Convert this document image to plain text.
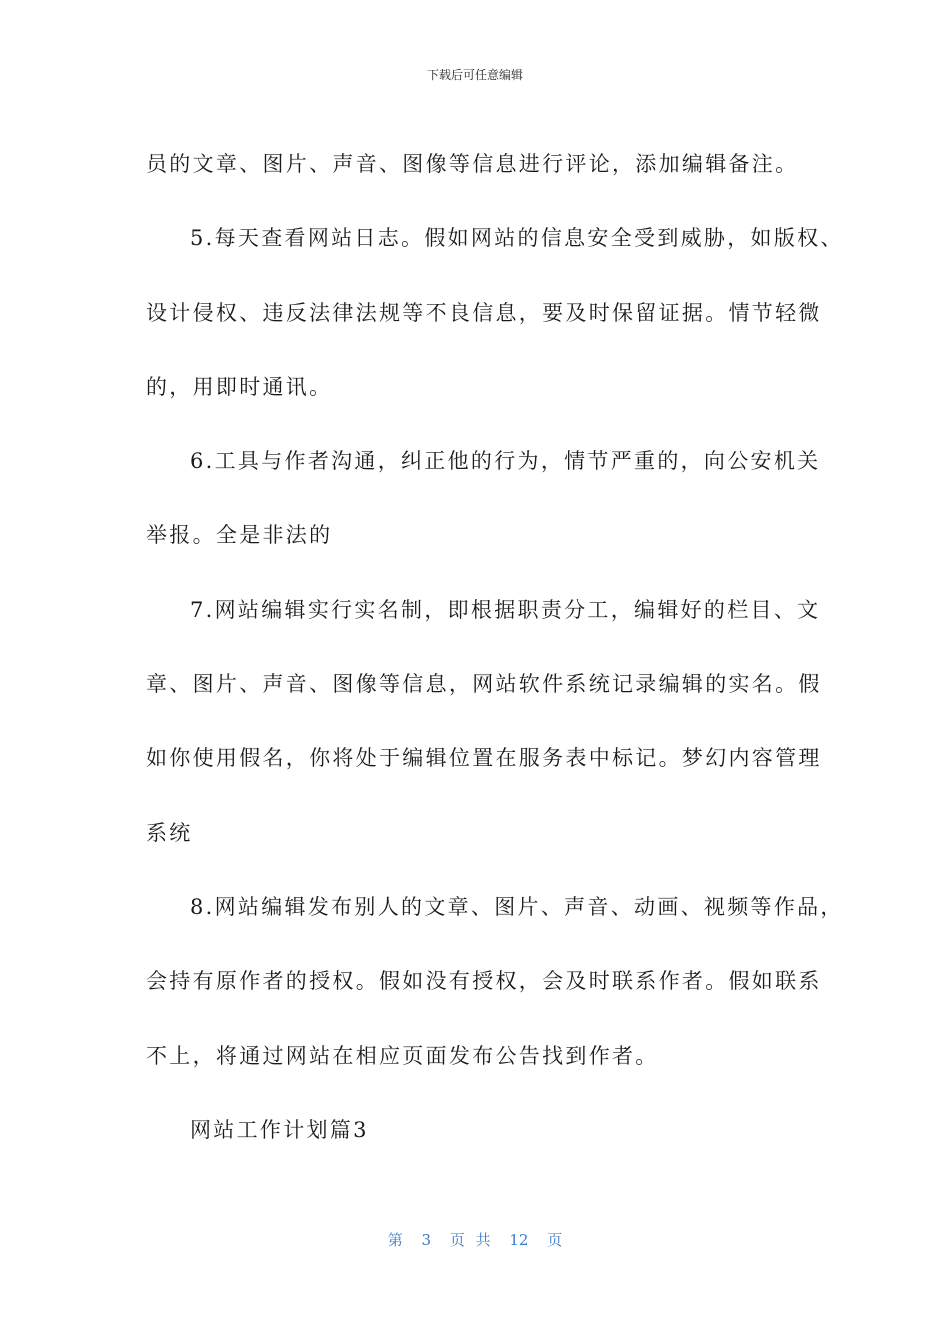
下载后可任意编辑

员的文章、图片、声音、图像等信息进行评论，添加编辑备注。

5.每天查看网站日志。假如网站的信息安全受到威胁，如版权、

设计侵权、违反法律法规等不良信息，要及时保留证据。情节轻微

的，用即时通讯。

6.工具与作者沟通，纠正他的行为，情节严重的，向公安机关

举报。全是非法的

7.网站编辑实行实名制，即根据职责分工，编辑好的栏目、文

章、图片、声音、图像等信息，网站软件系统记录编辑的实名。假

如你使用假名，你将处于编辑位置在服务表中标记。梦幻内容管理

系统

8.网站编辑发布别人的文章、图片、声音、动画、视频等作品，

会持有原作者的授权。假如没有授权，会及时联系作者。假如联系

不上，将通过网站在相应页面发布公告找到作者。

网站工作计划篇3

第 3 页 共 12 页
